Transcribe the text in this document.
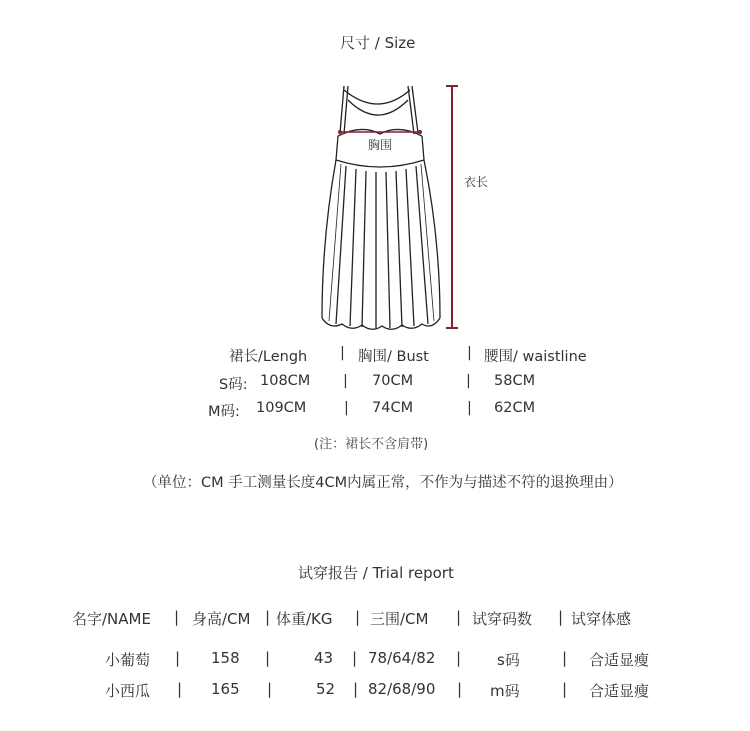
尺寸 / Size
胸围
衣长
裙长/Lengh | 胸围/ Bust	| 腰围/ waistline
S码: 108CM | 70CM	| 58CM
M码: 109CM	| 74CM	| 62CM
(注：裙长不含肩带)
（单位：CM 手工测量长度4CM内属正常，不作为与描述不符的退换理由）
试穿报告 / Trial report
名字/NAME | 身高/CM | 体重/KG | 三围/CM | 试穿码数 | 试穿体感
小葡萄 | 158 |	43 | 78/64/82 | s码	| 合适显瘦
小西瓜 | 165 |	52 | 82/68/90 | m码	| 合适显瘦
